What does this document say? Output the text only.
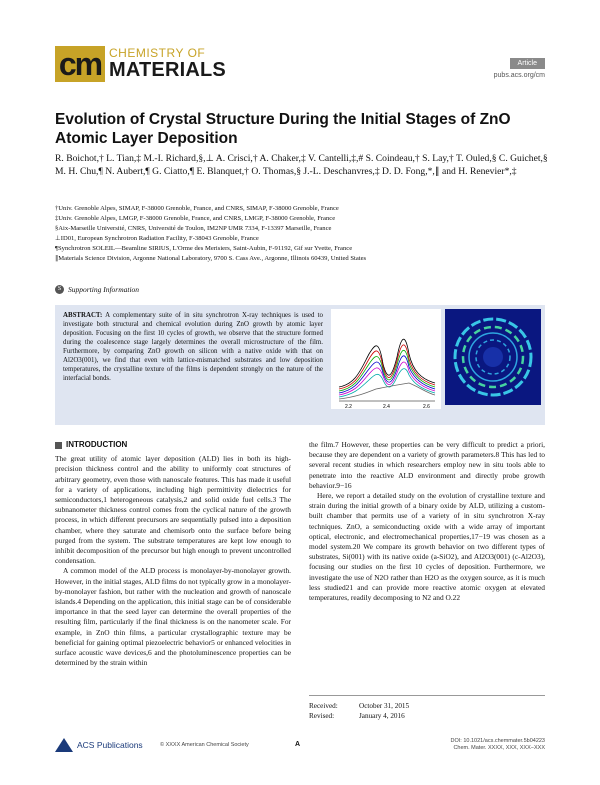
cm CHEMISTRY OF
MATERIALS	Article
pubs.acs.org/cm
Evolution of Crystal Structure During the Initial Stages of ZnO Atomic Layer Deposition
R. Boichot,† L. Tian,‡ M.-I. Richard,§,⊥ A. Crisci,† A. Chaker,‡ V. Cantelli,‡,# S. Coindeau,† S. Lay,† T. Ouled,§ C. Guichet,§ M. H. Chu,¶ N. Aubert,¶ G. Ciatto,¶ E. Blanquet,† O. Thomas,§ J.-L. Deschanvres,‡ D. D. Fong,*,∥ and H. Renevier*,‡
†Univ. Grenoble Alpes, SIMAP, F-38000 Grenoble, France, and CNRS, SIMAP, F-38000 Grenoble, France
‡Univ. Grenoble Alpes, LMGP, F-38000 Grenoble, France, and CNRS, LMGP, F-38000 Grenoble, France
§Aix-Marseille Université, CNRS, Université de Toulon, IM2NP UMR 7334, F-13397 Marseille, France
⊥ID01, European Synchrotron Radiation Facility, F-38043 Grenoble, France
¶Synchrotron SOLEIL—Beamline SIRIUS, L'Orme des Merisiers, Saint-Aubin, F-91192, Gif sur Yvette, France
∥Materials Science Division, Argonne National Laboratory, 9700 S. Cass Ave., Argonne, Illinois 60439, United States
S Supporting Information
ABSTRACT: A complementary suite of in situ synchrotron X-ray techniques is used to investigate both structural and chemical evolution during ZnO growth by atomic layer deposition. Focusing on the first 10 cycles of growth, we observe that the structure formed during the coalescence stage largely determines the overall microstructure of the film. Furthermore, by comparing ZnO growth on silicon with a native oxide with that on Al2O3(001), we find that even with lattice-mismatched substrates and low deposition temperatures, the crystalline texture of the films is dependent strongly on the nature of the interfacial bonds.
2.2	2.4	2.6
INTRODUCTION

The great utility of atomic layer deposition (ALD) lies in both its high-precision thickness control and the ability to uniformly coat structures of arbitrary geometry, even those with nanoscale features. This has made it useful for a variety of applications, including high permittivity dielectrics for semiconductors,1 heterogeneous catalysis,2 and solid oxide fuel cells.3 The subnanometer thickness control comes from the cyclical nature of the growth process, in which different precursors are sequentially pulsed into a deposition chamber, where they saturate and chemisorb onto the surface before being purged from the system. The substrate temperatures are kept low enough to inhibit decomposition of the precursor but high enough to prevent uncontrolled condensation.

A common model of the ALD process is monolayer-by-monolayer growth. However, in the initial stages, ALD films do not typically grow in a monolayer-by-monolayer fashion, but rather with the nucleation and growth of nanoscale islands.4 Depending on the application, this initial stage can be of considerable importance in that the seed layer can determine the overall properties of the resulting film, particularly if the final thickness is on the nanometer scale. For example, in ZnO thin films, a particular crystallographic texture may be beneficial for gaining optimal piezoelectric behavior5 or enhanced velocities in surface acoustic wave devices,6 and the photoluminescence properties can be determined by the strain within

the film.7 However, these properties can be very difficult to predict a priori, because they are dependent on a variety of growth parameters.8 This has led to several recent studies in which researchers employ new in situ tools able to penetrate into the reactive ALD environment and directly probe growth behavior.9−16

Here, we report a detailed study on the evolution of crystalline texture and strain during the initial growth of a binary oxide by ALD, utilizing a custom-built chamber that permits use of a variety of in situ synchrotron X-ray techniques. ZnO, a semiconducting oxide with a wide array of important optical, electronic, and electromechanical properties,17−19 was chosen as a model system.20 We compare its growth behavior on two different types of substrates, Si(001) with its native oxide (a-SiO2), and Al2O3(001) (c-Al2O3), focusing our studies on the first 10 cycles of deposition. Furthermore, we investigate the use of N2O rather than H2O as the oxygen source, as it is much less studied21 and can provide more reactive atomic oxygen at elevated temperatures, readily decomposing to N2 and O.22

Received:	October 31, 2015
Revised:	January 4, 2016
ACS Publications	© XXXX American Chemical Society	A	DOI: 10.1021/acs.chemmater.5b04223
Chem. Mater. XXXX, XXX, XXX−XXX
